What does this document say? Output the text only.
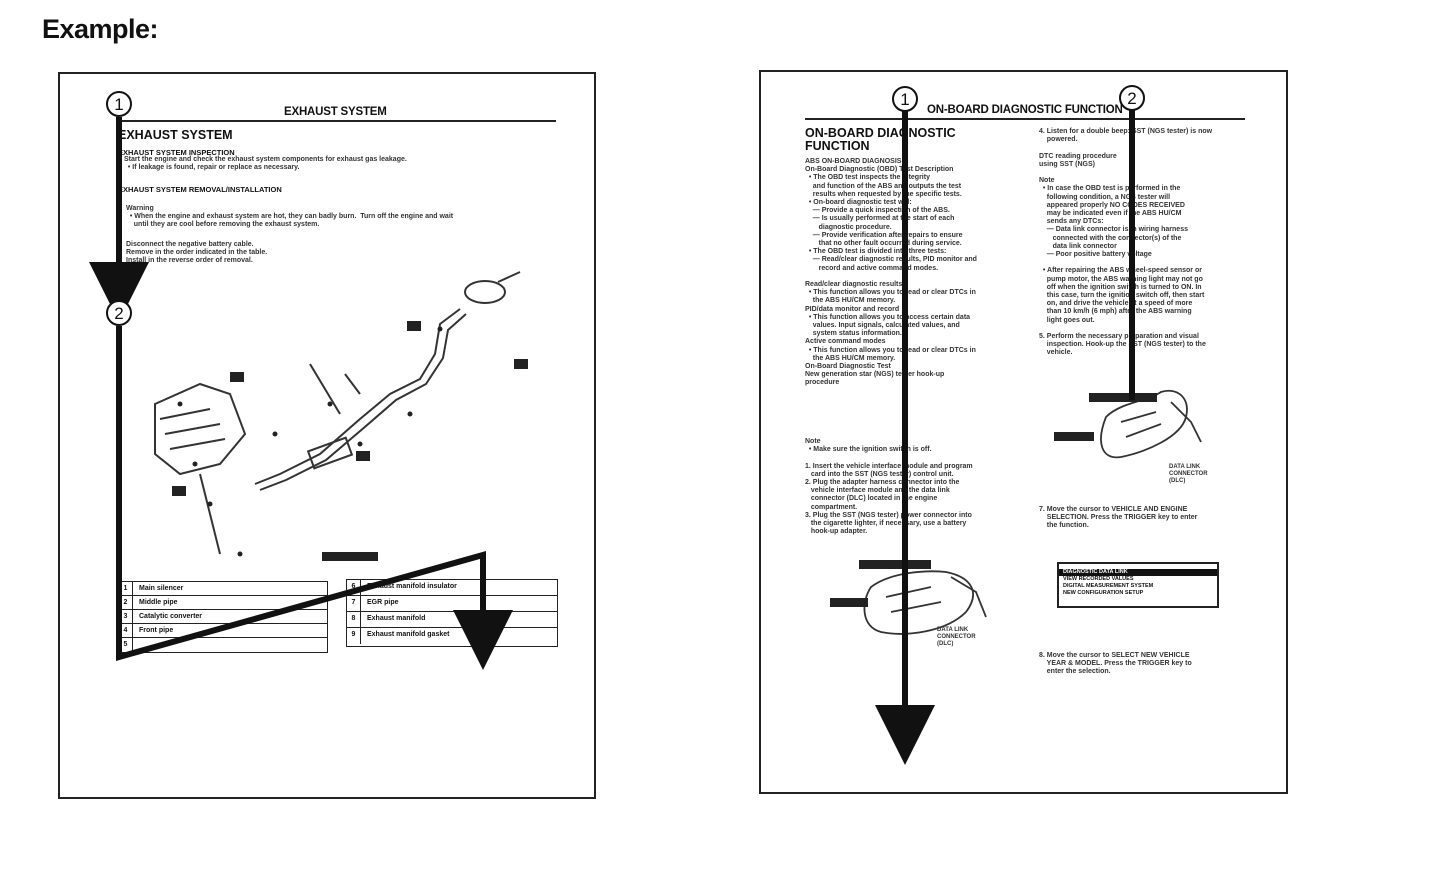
Example:
EXHAUST SYSTEM
EXHAUST SYSTEM
EXHAUST SYSTEM INSPECTION
Start the engine and check the exhaust system components for exhaust gas leakage.
• If leakage is found, repair or replace as necessary.
EXHAUST SYSTEM REMOVAL/INSTALLATION
Warning
• When the engine and exhaust system are hot, they can badly burn.  Turn off the engine and wait
until they are cool before removing the exhaust system.
Disconnect the negative battery cable.
Remove in the order indicated in the table.
Install in the reverse order of removal.
1	Main silencer
2	Middle pipe
3	Catalytic converter
4	Front pipe
5
6	Exhaust manifold insulator
7	EGR pipe
8	Exhaust manifold
9	Exhaust manifold gasket
ON-BOARD DIAGNOSTIC FUNCTION
ON-BOARD DIAGNOSTIC
FUNCTION
ABS ON-BOARD DIAGNOSIS
On-Board Diagnostic (OBD) Test Description
• The OBD test inspects the integrity
and function of the ABS and outputs the test
results when requested by the specific tests.
• On-board diagnostic test will:
— Provide a quick inspection of the ABS.
— Is usually performed at the start of each
diagnostic procedure.
— Provide verification after repairs to ensure
that no other fault occurred during service.
• The OBD test is divided into three tests:
— Read/clear diagnostic results, PID monitor and
record and active command modes.

Read/clear diagnostic results
• This function allows you to read or clear DTCs in
the ABS HU/CM memory.
PID/data monitor and record
• This function allows you to access certain data
values. Input signals, calculated values, and
system status information.
Active command modes
• This function allows you to read or clear DTCs in
the ABS HU/CM memory.
On-Board Diagnostic Test
New generation star (NGS) tester hook-up
procedure
Note
• Make sure the ignition switch is off.

1. Insert the vehicle interface module and program
card into the SST (NGS tester) control unit.
2. Plug the adapter harness connector into the
vehicle interface module and the data link
connector (DLC) located in the engine
compartment.
3. Plug the SST (NGS tester) power connector into
the cigarette lighter, if necessary, use a battery
hook-up adapter.
4. Listen for a double beep: SST (NGS tester) is now
powered.

DTC reading procedure
using SST (NGS)

Note
• In case the OBD test is performed in the
following condition, a NGS tester will
appeared properly NO CODES RECEIVED
may be indicated even if the ABS HU/CM
sends any DTCs:
— Data link connector is in wiring harness
connected with the connector(s) of the
data link connector
— Poor positive battery voltage

• After repairing the ABS wheel-speed sensor or
pump motor, the ABS warning light may not go
off when the ignition switch is turned to ON. In
this case, turn the ignition switch off, then start
on, and drive the vehicle at a speed of more
than 10 km/h (6 mph) after the ABS warning
light goes out.

5. Perform the necessary preparation and visual
inspection. Hook-up the SST (NGS tester) to the
vehicle.
7. Move the cursor to VEHICLE AND ENGINE
SELECTION. Press the TRIGGER key to enter
the function.
8. Move the cursor to SELECT NEW VEHICLE
YEAR & MODEL. Press the TRIGGER key to
enter the selection.
DATA LINK
CONNECTOR
(DLC)
DATA LINK
CONNECTOR
(DLC)
DIAGNOSTIC DATA LINK
VIEW RECORDED VALUES
DIGITAL MEASUREMENT SYSTEM
NEW CONFIGURATION SETUP
1
2
1	2
